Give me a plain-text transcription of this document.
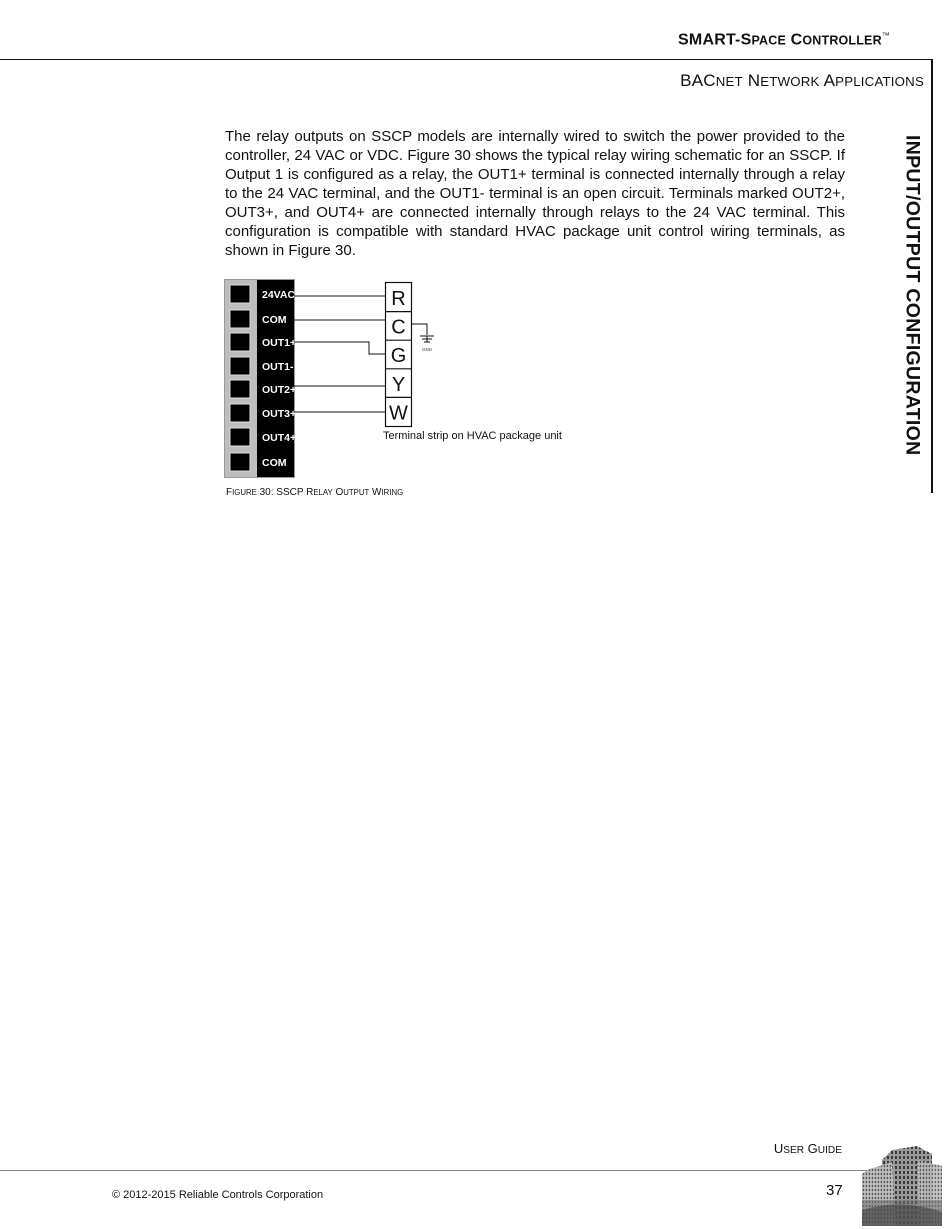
SMART-SPACE CONTROLLER™
BACNET NETWORK APPLICATIONS
INPUT/OUTPUT CONFIGURATION

The relay outputs on SSCP models are internally wired to switch the power provided to the controller, 24 VAC or VDC. Figure 30 shows the typical relay wiring schematic for an SSCP. If Output 1 is configured as a relay, the OUT1+ terminal is connected internally through a relay to the 24 VAC terminal, and the OUT1- terminal is an open circuit. Terminals marked OUT2+, OUT3+, and OUT4+ are connected internally through relays to the 24 VAC terminal. This configuration is compatible with standard HVAC package unit control wiring terminals, as shown in Figure 30.

24VAC
COM
OUT1+
OUT1-
OUT2+
OUT3+
OUT4+
COM
R
C
G
Y
W
GND
Terminal strip on HVAC package unit
FIGURE 30: SSCP RELAY OUTPUT WIRING
USER GUIDE
© 2012-2015 Reliable Controls Corporation	37
